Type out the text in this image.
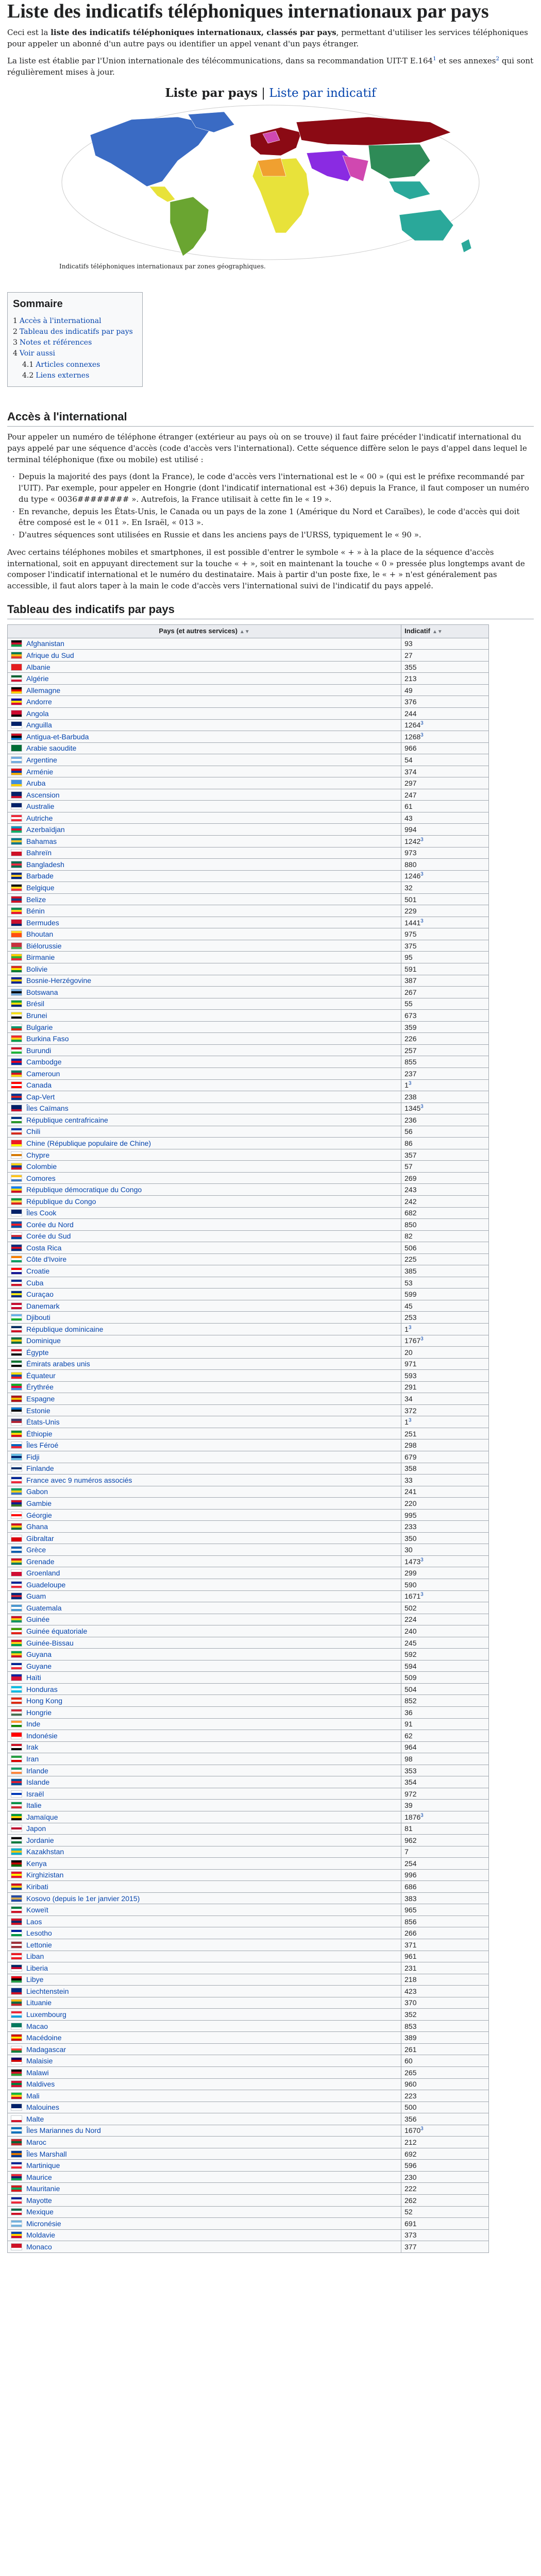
Liste des indicatifs téléphoniques internationaux par pays

Ceci est la liste des indicatifs téléphoniques internationaux, classés par pays, permettant d'utiliser les services téléphoniques pour appeler un abonné d'un autre pays ou identifier un appel venant d'un pays étranger.

La liste est établie par l'Union internationale des télécommunications, dans sa recommandation UIT-T E.164$^1$ et ses annexes$^2$ qui sont régulièrement mises à jour.

Liste par pays | Liste par indicatif
Indicatifs téléphoniques internationaux par zones géographiques.
Sommaire
1 Accès à l'international
2 Tableau des indicatifs par pays
3 Notes et références
4 Voir aussi
4.1 Articles connexes
4.2 Liens externes
Accès à l'international

Pour appeler un numéro de téléphone étranger (extérieur au pays où on se trouve) il faut faire précéder l'indicatif international du pays appelé par une séquence d'accès (code d'accès vers l'international). Cette séquence diffère selon le pays d'appel dans lequel le terminal téléphonique (fixe ou mobile) est utilisé :

· Depuis la majorité des pays (dont la France), le code d'accès vers l'international est le « 00 » (qui est le préfixe recommandé par l'UIT). Par exemple, pour appeler en Hongrie (dont l'indicatif international est +36) depuis la France, il faut composer un numéro du type « 0036######## ». Autrefois, la France utilisait à cette fin le « 19 ».
· En revanche, depuis les États-Unis, le Canada ou un pays de la zone 1 (Amérique du Nord et Caraïbes), le code d'accès qui doit être composé est le « 011 ». En Israël, « 013 ».
· D'autres séquences sont utilisées en Russie et dans les anciens pays de l'URSS, typiquement le « 90 ».

Avec certains téléphones mobiles et smartphones, il est possible d'entrer le symbole « + » à la place de la séquence d'accès international, soit en appuyant directement sur la touche « + », soit en maintenant la touche « 0 » pressée plus longtemps avant de composer l'indicatif international et le numéro du destinataire. Mais à partir d'un poste fixe, le « + » n'est généralement pas accessible, il faut alors taper à la main le code d'accès vers l'international suivi de l'indicatif du pays appelé.

Tableau des indicatifs par pays
Pays (et autres services) ▲▼	Indicatif ▲▼
Afghanistan	93
Afrique du Sud	27
Albanie	355
Algérie	213
Allemagne	49
Andorre	376
Angola	244
Anguilla	1264$^3$
Antigua-et-Barbuda	1268$^3$
Arabie saoudite	966
Argentine	54
Arménie	374
Aruba	297
Ascension	247
Australie	61
Autriche	43
Azerbaïdjan	994
Bahamas	1242$^3$
Bahreïn	973
Bangladesh	880
Barbade	1246$^3$
Belgique	32
Belize	501
Bénin	229
Bermudes	1441$^3$
Bhoutan	975
Biélorussie	375
Birmanie	95
Bolivie	591
Bosnie-Herzégovine	387
Botswana	267
Brésil	55
Brunei	673
Bulgarie	359
Burkina Faso	226
Burundi	257
Cambodge	855
Cameroun	237
Canada	$1^3$
Cap-Vert	238
Îles Caïmans	1345$^3$
République centrafricaine	236
Chili	56
Chine (République populaire de Chine)	86
Chypre	357
Colombie	57
Comores	269
République démocratique du Congo	243
République du Congo	242
Îles Cook	682
Corée du Nord	850
Corée du Sud	82
Costa Rica	506
Côte d'Ivoire	225
Croatie	385
Cuba	53
Curaçao	599
Danemark	45
Djibouti	253
République dominicaine	$1^3$
Dominique	1767$^3$
Égypte	20
Émirats arabes unis	971
Équateur	593
Érythrée	291
Espagne	34
Estonie	372
États-Unis	$1^3$
Éthiopie	251
Îles Féroé	298
Fidji	679
Finlande	358
France avec 9 numéros associés	33
Gabon	241
Gambie	220
Géorgie	995
Ghana	233
Gibraltar	350
Grèce	30
Grenade	1473$^3$
Groenland	299
Guadeloupe	590
Guam	1671$^3$
Guatemala	502
Guinée	224
Guinée équatoriale	240
Guinée-Bissau	245
Guyana	592
Guyane	594
Haïti	509
Honduras	504
Hong Kong	852
Hongrie	36
Inde	91
Indonésie	62
Irak	964
Iran	98
Irlande	353
Islande	354
Israël	972
Italie	39
Jamaïque	1876$^3$
Japon	81
Jordanie	962
Kazakhstan	7
Kenya	254
Kirghizistan	996
Kiribati	686
Kosovo (depuis le 1er janvier 2015)	383
Koweït	965
Laos	856
Lesotho	266
Lettonie	371
Liban	961
Liberia	231
Libye	218
Liechtenstein	423
Lituanie	370
Luxembourg	352
Macao	853
Macédoine	389
Madagascar	261
Malaisie	60
Malawi	265
Maldives	960
Mali	223
Malouines	500
Malte	356
Îles Mariannes du Nord	1670$^3$
Maroc	212
Îles Marshall	692
Martinique	596
Maurice	230
Mauritanie	222
Mayotte	262
Mexique	52
Micronésie	691
Moldavie	373
Monaco	377
